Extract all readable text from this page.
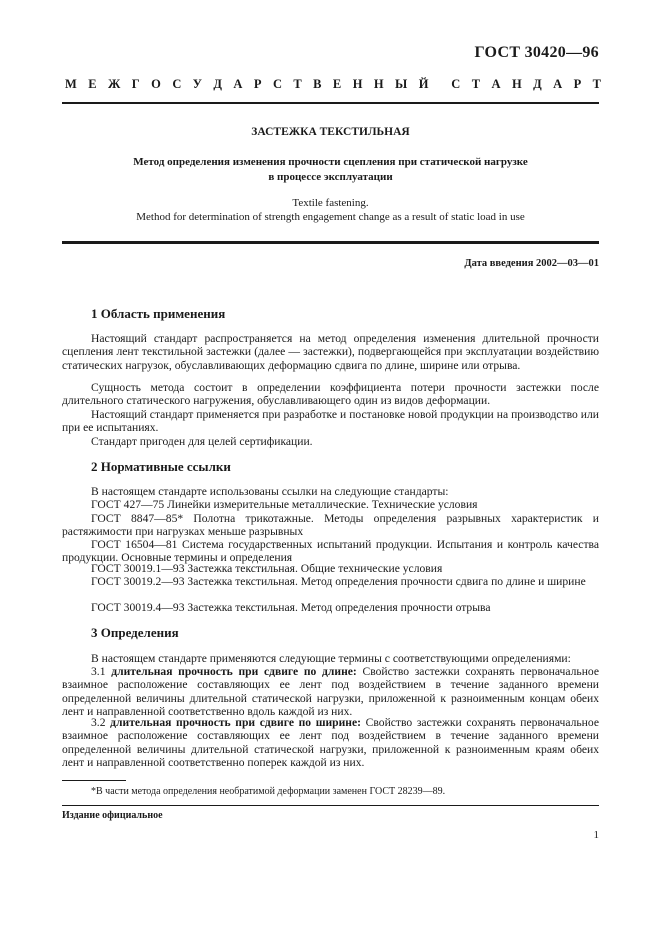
ГОСТ 30420—96
М Е Ж Г О С У Д А Р С Т В Е Н Н Ы Й С Т А Н Д А Р Т
ЗАСТЕЖКА ТЕКСТИЛЬНАЯ
Метод определения изменения прочности сцепления при статической нагрузке
в процессе эксплуатации
Textile fastening.
Method for determination of strength engagement change as a result of static load in use
Дата введения 2002—03—01
1 Область применения
Настоящий стандарт распространяется на метод определения изменения длительной прочности сцепления лент текстильной застежки (далее — застежки), подвергающейся при эксплуатации воздействию статических нагрузок, обуславливающих деформацию сдвига по длине, ширине или отрыва.
Сущность метода состоит в определении коэффициента потери прочности застежки после длительного статического нагружения, обуславливающего один из видов деформации.
Настоящий стандарт применяется при разработке и постановке новой продукции на производство или при ее испытаниях.
Стандарт пригоден для целей сертификации.
2 Нормативные ссылки
В настоящем стандарте использованы ссылки на следующие стандарты:
ГОСТ 427—75 Линейки измерительные металлические. Технические условия
ГОСТ 8847—85* Полотна трикотажные. Методы определения разрывных характеристик и растяжимости при нагрузках меньше разрывных
ГОСТ 16504—81 Система государственных испытаний продукции. Испытания и контроль качества продукции. Основные термины и определения
ГОСТ 30019.1—93 Застежка текстильная. Общие технические условия
ГОСТ 30019.2—93 Застежка текстильная. Метод определения прочности сдвига по длине и ширине
ГОСТ 30019.4—93 Застежка текстильная. Метод определения прочности отрыва
3 Определения
В настоящем стандарте применяются следующие термины с соответствующими определениями:
3.1 длительная прочность при сдвиге по длине: Свойство застежки сохранять первоначальное взаимное расположение составляющих ее лент под воздействием в течение заданного времени определенной величины длительной статической нагрузки, приложенной к разноименным концам обеих лент и направленной соответственно вдоль каждой из них.
3.2 длительная прочность при сдвиге по ширине: Свойство застежки сохранять первоначальное взаимное расположение составляющих ее лент под воздействием в течение заданного времени определенной величины длительной статической нагрузки, приложенной к разноименным краям обеих лент и направленной соответственно поперек каждой из них.
*В части метода определения необратимой деформации заменен ГОСТ 28239—89.
Издание официальное
1
